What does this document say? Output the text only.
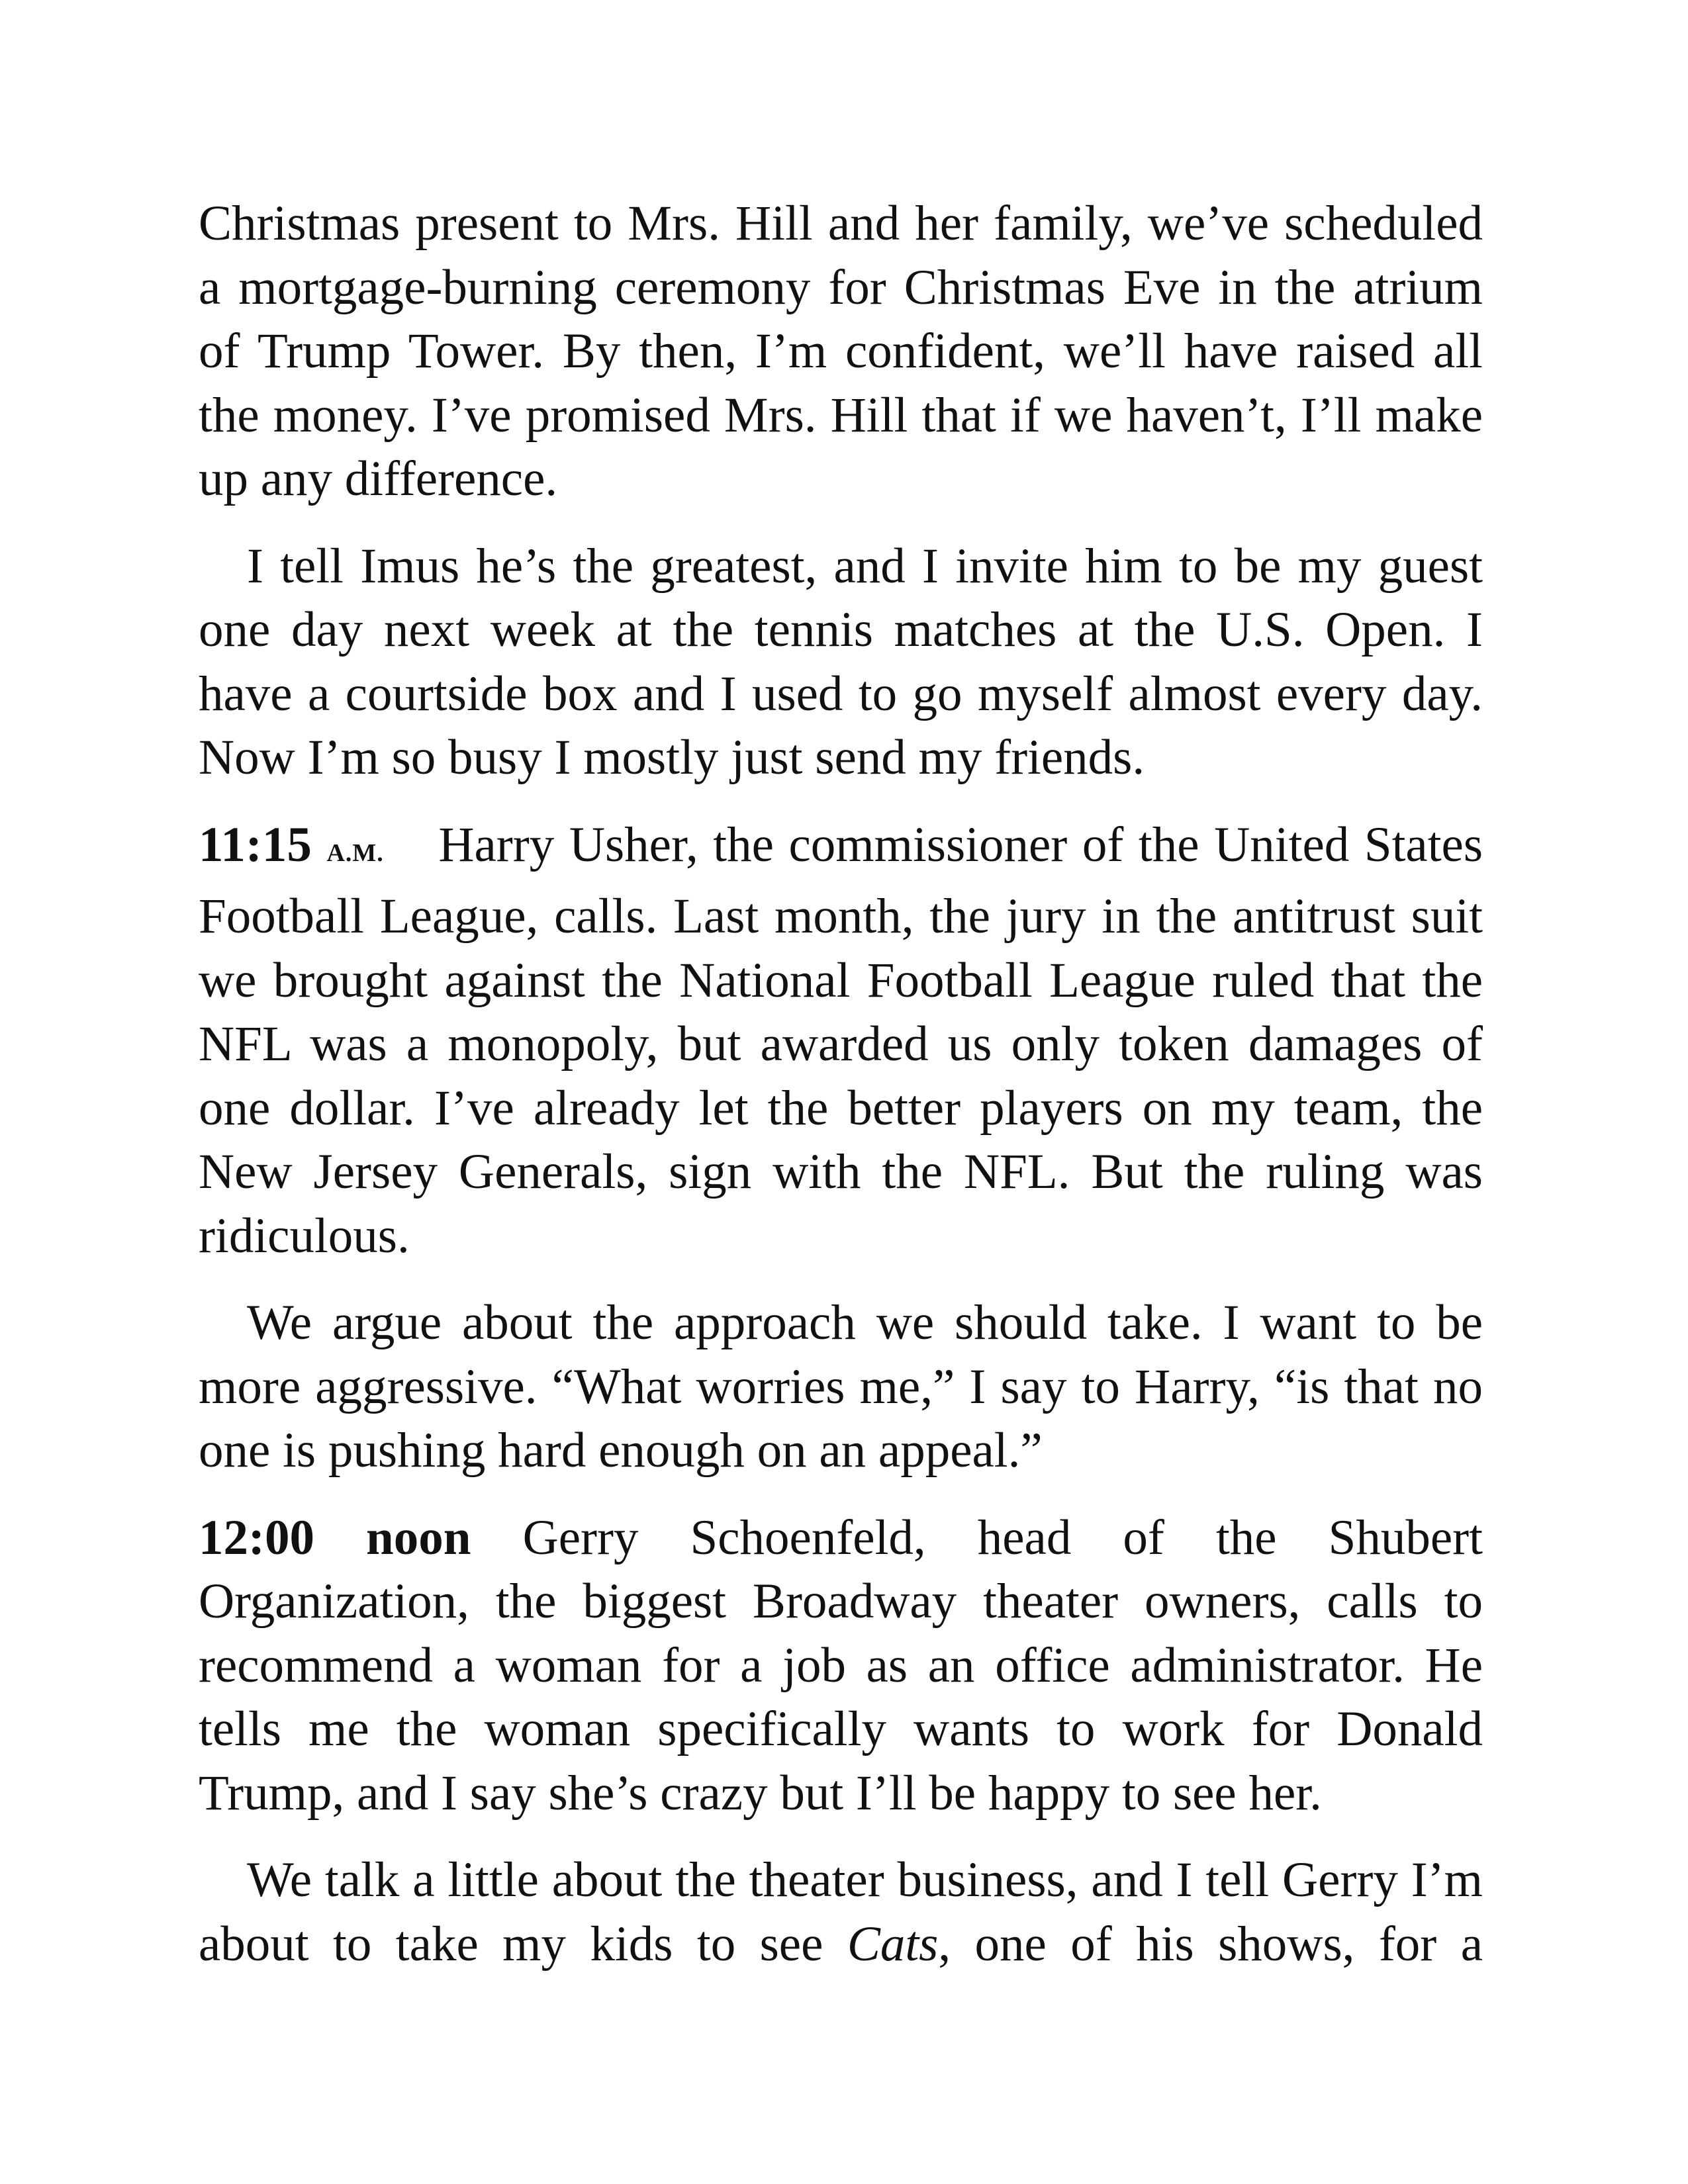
Christmas present to Mrs. Hill and her family, we’ve scheduled a mortgage-burning ceremony for Christmas Eve in the atrium of Trump Tower. By then, I’m confident, we’ll have raised all the money. I’ve promised Mrs. Hill that if we haven’t, I’ll make up any difference.

I tell Imus he’s the greatest, and I invite him to be my guest one day next week at the tennis matches at the U.S. Open. I have a courtside box and I used to go myself almost every day. Now I’m so busy I mostly just send my friends.

11:15 A.M. Harry Usher, the commissioner of the United States Football League, calls. Last month, the jury in the antitrust suit we brought against the National Football League ruled that the NFL was a monopoly, but awarded us only token damages of one dollar. I’ve already let the better players on my team, the New Jersey Generals, sign with the NFL. But the ruling was ridiculous.

We argue about the approach we should take. I want to be more aggressive. “What worries me,” I say to Harry, “is that no one is pushing hard enough on an appeal.”

12:00 noon Gerry Schoenfeld, head of the Shubert Organization, the biggest Broadway theater owners, calls to recommend a woman for a job as an office administrator. He tells me the woman specifically wants to work for Donald Trump, and I say she’s crazy but I’ll be happy to see her.

We talk a little about the theater business, and I tell Gerry I’m about to take my kids to see Cats, one of his shows, for a
